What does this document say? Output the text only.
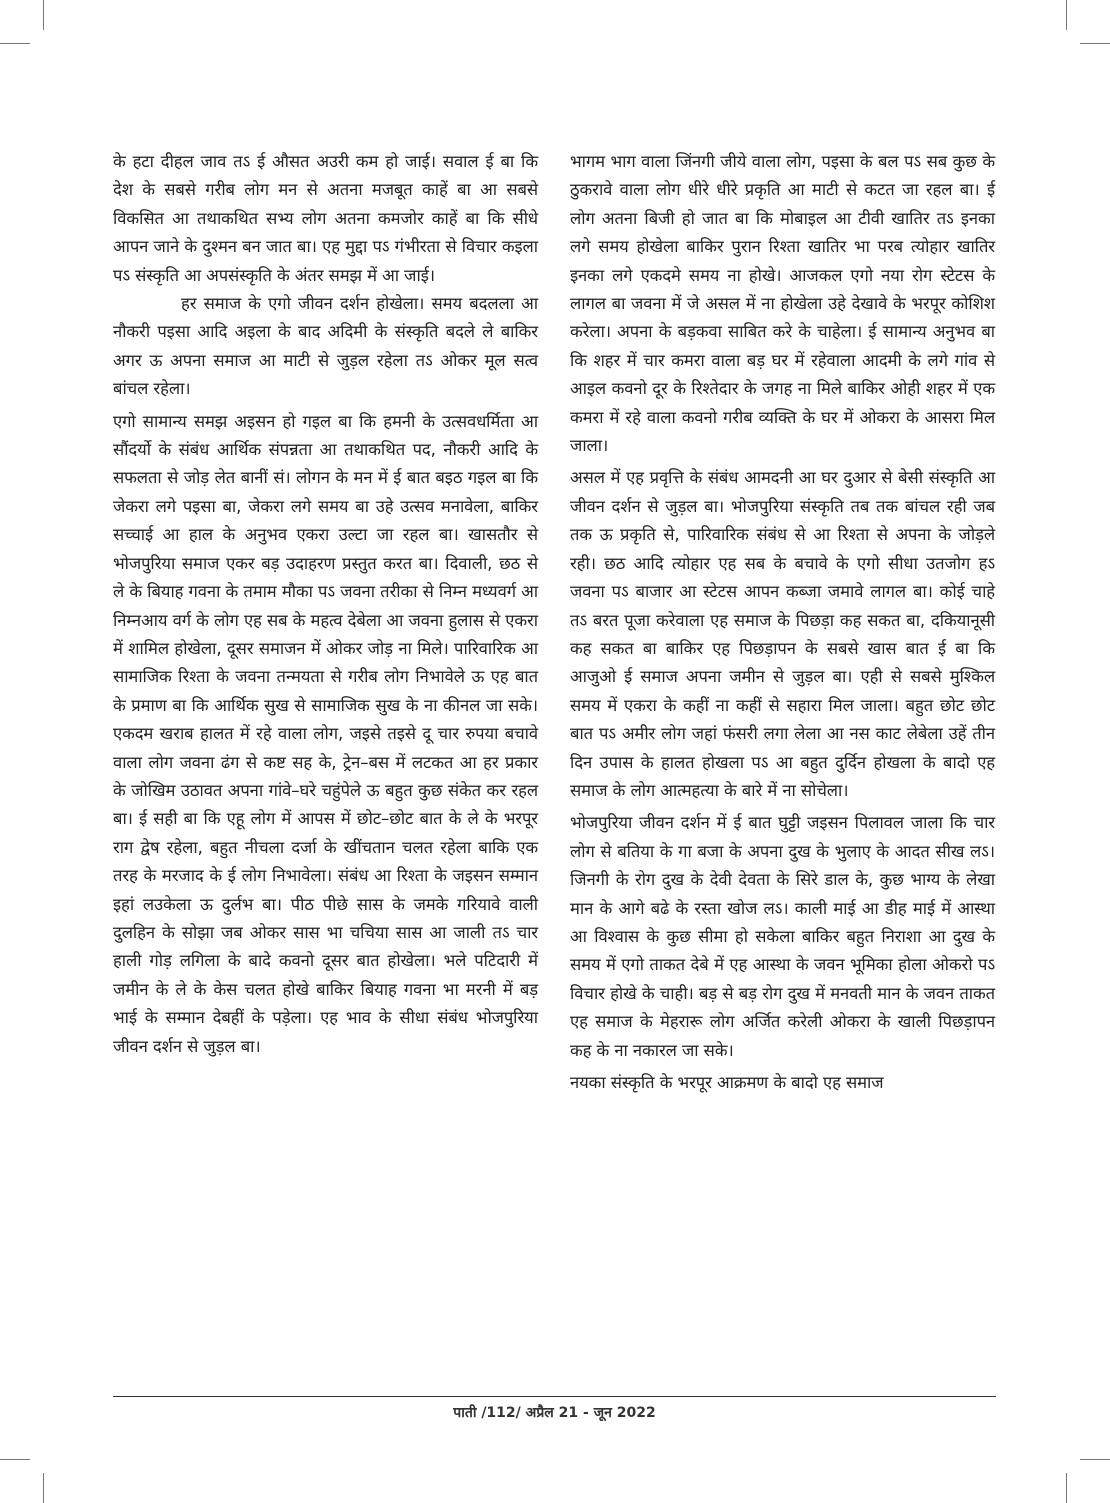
के हटा दीहल जाव तऽ ई औसत अउरी कम हो जाई। सवाल ई बा कि देश के सबसे गरीब लोग मन से अतना मजबूत काहें बा आ सबसे विकसित आ तथाकथित सभ्य लोग अतना कमजोर काहें बा कि सीधे आपन जाने के दुश्मन बन जात बा। एह मुद्दा पऽ गंभीरता से विचार कइला पऽ संस्कृति आ अपसंस्कृति के अंतर समझ में आ जाई।

हर समाज के एगो जीवन दर्शन होखेला। समय बदलला आ नौकरी पइसा आदि अइला के बाद अदिमी के संस्कृति बदले ले बाकिर अगर ऊ अपना समाज आ माटी से जुड़ल रहेला तऽ ओकर मूल सत्व बांचल रहेला।

एगो सामान्य समझ अइसन हो गइल बा कि हमनी के उत्सवधर्मिता आ सौंदर्यो के संबंध आर्थिक संपन्नता आ तथाकथित पद, नौकरी आदि के सफलता से जोड़ लेत बानीं सं। लोगन के मन में ई बात बइठ गइल बा कि जेकरा लगे पइसा बा, जेकरा लगे समय बा उहे उत्सव मनावेला, बाकिर सच्चाई आ हाल के अनुभव एकरा उल्टा जा रहल बा। खासतौर से भोजपुरिया समाज एकर बड़ उदाहरण प्रस्तुत करत बा। दिवाली, छठ से ले के बियाह गवना के तमाम मौका पऽ जवना तरीका से निम्न मध्यवर्ग आ निम्नआय वर्ग के लोग एह सब के महत्व देबेला आ जवना हुलास से एकरा में शामिल होखेला, दूसर समाजन में ओकर जोड़ ना मिले। पारिवारिक आ सामाजिक रिश्ता के जवना तन्मयता से गरीब लोग निभावेले ऊ एह बात के प्रमाण बा कि आर्थिक सुख से सामाजिक सुख के ना कीनल जा सके। एकदम खराब हालत में रहे वाला लोग, जइसे तइसे दू चार रुपया बचावे वाला लोग जवना ढंग से कष्ट सह के, ट्रेन–बस में लटकत आ हर प्रकार के जोखिम उठावत अपना गांवे–घरे चहुंपेले ऊ बहुत कुछ संकेत कर रहल बा। ई सही बा कि एहू लोग में आपस में छोट–छोट बात के ले के भरपूर राग द्वेष रहेला, बहुत नीचला दर्जा के खींचतान चलत रहेला बाकि एक तरह के मरजाद के ई लोग निभावेला। संबंध आ रिश्ता के जइसन सम्मान इहां लउकेला ऊ दुर्लभ बा। पीठ पीछे सास के जमके गरियावे वाली दुलहिन के सोझा जब ओकर सास भा चचिया सास आ जाली तऽ चार हाली गोड़ लगिला के बादे कवनो दूसर बात होखेला। भले पटिदारी में जमीन के ले के केस चलत होखे बाकिर बियाह गवना भा मरनी में बड़ भाई के सम्मान देबहीं के पड़ेला। एह भाव के सीधा संबंध भोजपुरिया जीवन दर्शन से जुड़ल बा।

भागम भाग वाला जिंनगी जीये वाला लोग, पइसा के बल पऽ सब कुछ के ठुकरावे वाला लोग धीरे धीरे प्रकृति आ माटी से कटत जा रहल बा। ई लोग अतना बिजी हो जात बा कि मोबाइल आ टीवी खातिर तऽ इनका लगे समय होखेला बाकिर पुरान रिश्ता खातिर भा परब त्योहार खातिर इनका लगे एकदमे समय ना होखे। आजकल एगो नया रोग स्टेटस के लागल बा जवना में जे असल में ना होखेला उहे देखावे के भरपूर कोशिश करेला। अपना के बड़कवा साबित करे के चाहेला। ई सामान्य अनुभव बा कि शहर में चार कमरा वाला बड़ घर में रहेवाला आदमी के लगे गांव से आइल कवनो दूर के रिश्तेदार के जगह ना मिले बाकिर ओही शहर में एक कमरा में रहे वाला कवनो गरीब व्यक्ति के घर में ओकरा के आसरा मिल जाला।

असल में एह प्रवृत्ति के संबंध आमदनी आ घर दुआर से बेसी संस्कृति आ जीवन दर्शन से जुड़ल बा। भोजपुरिया संस्कृति तब तक बांचल रही जब तक ऊ प्रकृति से, पारिवारिक संबंध से आ रिश्ता से अपना के जोड़ले रही। छठ आदि त्योहार एह सब के बचावे के एगो सीधा उतजोग हऽ जवना पऽ बाजार आ स्टेटस आपन कब्जा जमावे लागल बा। कोई चाहे तऽ बरत पूजा करेवाला एह समाज के पिछड़ा कह सकत बा, दकियानूसी कह सकत बा बाकिर एह पिछड़ापन के सबसे खास बात ई बा कि आजुओ ई समाज अपना जमीन से जुड़ल बा। एही से सबसे मुश्किल समय में एकरा के कहीं ना कहीं से सहारा मिल जाला। बहुत छोट छोट बात पऽ अमीर लोग जहां फंसरी लगा लेला आ नस काट लेबेला उहें तीन दिन उपास के हालत होखला पऽ आ बहुत दुर्दिन होखला के बादो एह समाज के लोग आत्महत्या के बारे में ना सोचेला।

भोजपुरिया जीवन दर्शन में ई बात घुट्टी जइसन पिलावल जाला कि चार लोग से बतिया के गा बजा के अपना दुख के भुलाए के आदत सीख लऽ। जिनगी के रोग दुख के देवी देवता के सिरे डाल के, कुछ भाग्य के लेखा मान के आगे बढे के रस्ता खोज लऽ। काली माई आ डीह माई में आस्था आ विश्वास के कुछ सीमा हो सकेला बाकिर बहुत निराशा आ दुख के समय में एगो ताकत देबे में एह आस्था के जवन भूमिका होला ओकरो पऽ विचार होखे के चाही। बड़ से बड़ रोग दुख में मनवती मान के जवन ताकत एह समाज के मेहरारू लोग अर्जित करेली ओकरा के खाली पिछड़ापन कह के ना नकारल जा सके।

नयका संस्कृति के भरपूर आक्रमण के बादो एह समाज

पाती /112/ अप्रैल 21 - जून 2022
